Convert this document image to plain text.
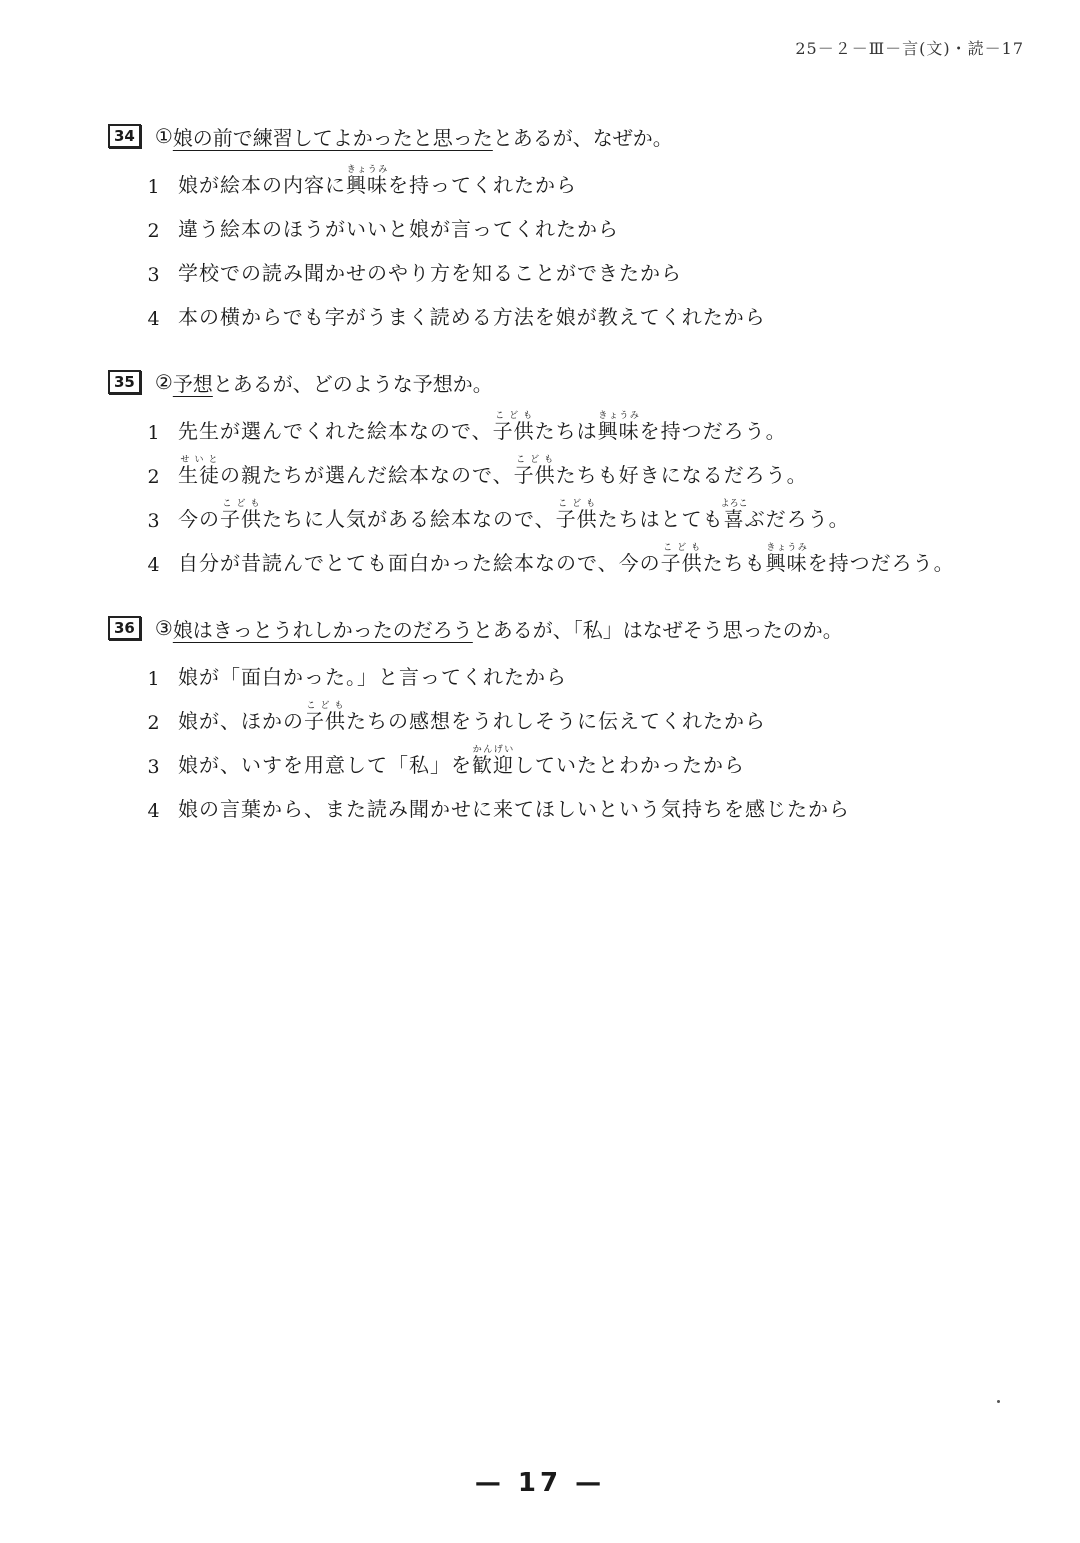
25－２－Ⅲ－言(文)・読－17
34	① 娘の前で練習してよかったと思った とあるが、なぜか。
1 娘が絵本の内容に興味きょうみを持ってくれたから
2 違う絵本のほうがいいと娘が言ってくれたから
3 学校での読み聞かせのやり方を知ることができたから
4 本の横からでも字がうまく読める方法を娘が教えてくれたから
35	② 予想 とあるが、どのような予想か。
1 先生が選んでくれた絵本なので、子供こどもたちは興味きょうみを持つだろう。
2 生徒せいとの親たちが選んだ絵本なので、子供こどもたちも好きになるだろう。
3 今の子供こどもたちに人気がある絵本なので、子供こどもたちはとても喜よろこぶだろう。
4 自分が昔読んでとても面白かった絵本なので、今の子供こどもたちも興味きょうみを持つだろう。
36	③ 娘はきっとうれしかったのだろう とあるが、「私」はなぜそう思ったのか。
1 娘が「面白かった。」と言ってくれたから
2 娘が、ほかの子供こどもたちの感想をうれしそうに伝えてくれたから
3 娘が、いすを用意して「私」を歓迎かんげいしていたとわかったから
4 娘の言葉から、また読み聞かせに来てほしいという気持ちを感じたから
— 17 —
